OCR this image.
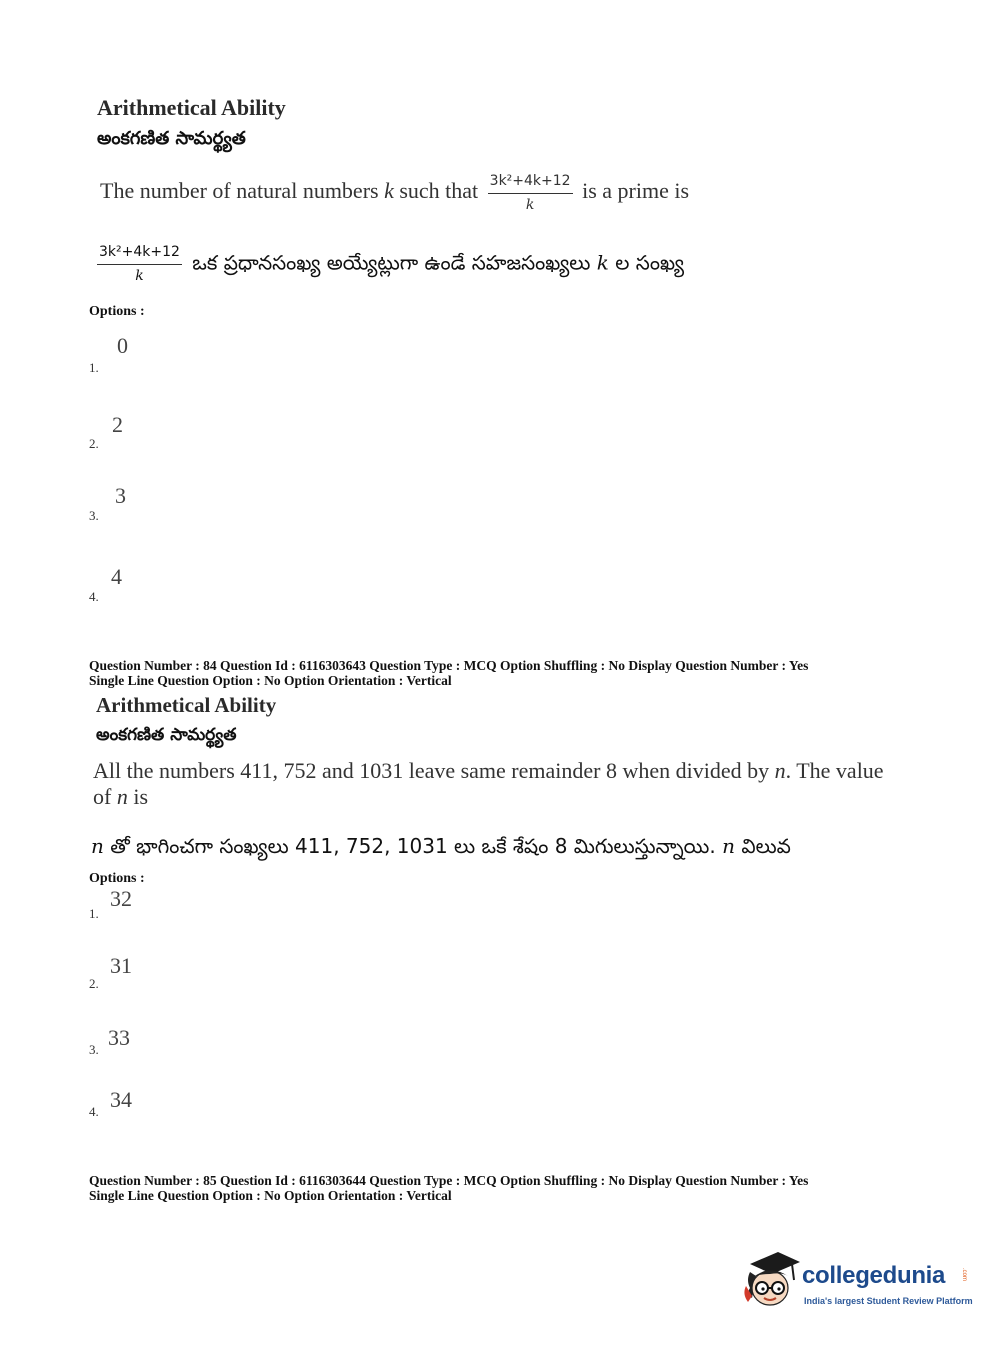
Arithmetical Ability
అంకగణిత సామర్థ్యత
The number of natural numbers k such that $\frac{\text{3k²+4k+12}}{k}$ is a prime is
$\frac{\text{3k²+4k+12}}{k}$ ఒక ప్రధానసంఖ్య అయ్యేట్లుగా ఉండే సహజసంఖ్యలు k ల సంఖ్య
Options :
0
1.
2
2.
3
3.
4
4.
Question Number : 84 Question Id : 6116303643 Question Type : MCQ Option Shuffling : No Display Question Number : Yes
Single Line Question Option : No Option Orientation : Vertical
Arithmetical Ability
అంకగణిత సామర్థ్యత
All the numbers 411, 752 and 1031 leave same remainder 8 when divided by n. The value
of n is
n తో భాగించగా సంఖ్యలు 411, 752, 1031 లు ఒకే శేషం 8 మిగులుస్తున్నాయి. n విలువ
Options :
32
1.
31
2.
33
3.
34
4.
Question Number : 85 Question Id : 6116303644 Question Type : MCQ Option Shuffling : No Display Question Number : Yes
Single Line Question Option : No Option Orientation : Vertical
collegedunia	.com
India's largest Student Review Platform
